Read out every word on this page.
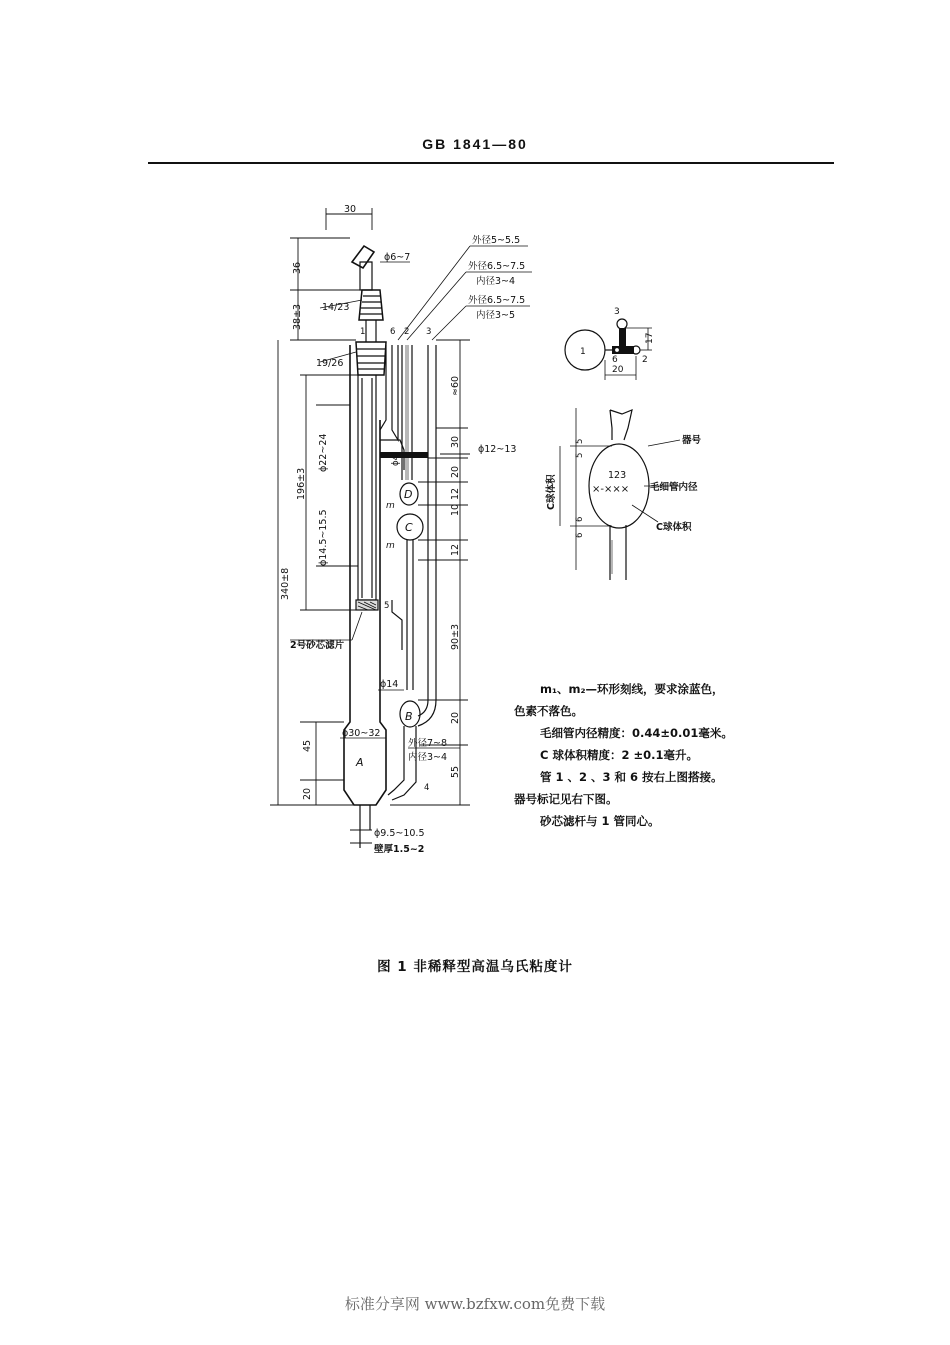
GB 1841—80
30
36
38±3
196±3
340±8
45
20
ϕ22~24
ϕ14.5~15.5
14/23
19/26
2号砂芯滤片
ϕ6~7
ϕ30~32
ϕ14
ϕ9.5~10.5
壁厚1.5~2
1	6 2 3
4
5
A
B
C
D
m
m
ϕ4
ϕ12~13
外径5~5.5
外径6.5~7.5
内径3~4
外径6.5~7.5
内径3~5
外径7~8
内径3~4
≈60
30
20
12
10
12
90±3
20
55
1
2
3
6
17
20
123
×-×××
器号
毛细管内径
C球体积
C球体积
5
5
6
6

m₁、m₂—环形刻线，要求涂蓝色，

色素不落色。

毛细管内径精度：0.44±0.01毫米。

C 球体积精度：2 ±0.1毫升。

管 1 、2 、3 和 6 按右上图搭接。

器号标记见右下图。

砂芯滤杆与 1 管同心。

图 1 非稀释型高温乌氏粘度计
标准分享网 www.bzfxw.com免费下载
